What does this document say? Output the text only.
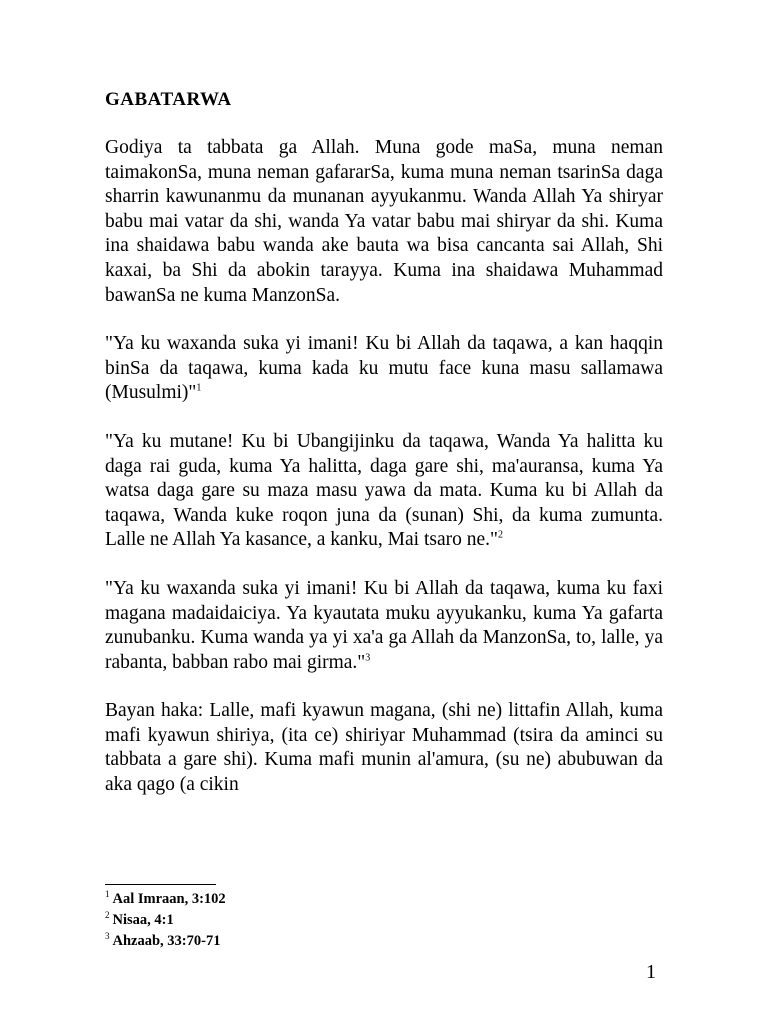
GABATARWA

Godiya ta tabbata ga Allah. Muna gode maSa, muna neman taimakonSa, muna neman gafararSa, kuma muna neman tsarinSa daga sharrin kawunanmu da munanan ayyukanmu. Wanda Allah Ya shiryar babu mai vatar da shi, wanda Ya vatar babu mai shiryar da shi. Kuma ina shaidawa babu wanda ake bauta wa bisa cancanta sai Allah, Shi kaxai, ba Shi da abokin tarayya. Kuma ina shaidawa Muhammad bawanSa ne kuma ManzonSa.

"Ya ku waxanda suka yi imani! Ku bi Allah da taqawa, a kan haqqin binSa da taqawa, kuma kada ku mutu face kuna masu sallamawa (Musulmi)"$^1$

"Ya ku mutane! Ku bi Ubangijinku da taqawa, Wanda Ya halitta ku daga rai guda, kuma Ya halitta, daga gare shi, ma'auransa, kuma Ya watsa daga gare su maza masu yawa da mata. Kuma ku bi Allah da taqawa, Wanda kuke roqon juna da (sunan) Shi, da kuma zumunta. Lalle ne Allah Ya kasance, a kanku, Mai tsaro ne."$^2$

"Ya ku waxanda suka yi imani! Ku bi Allah da taqawa, kuma ku faxi magana madaidaiciya. Ya kyautata muku ayyukanku, kuma Ya gafarta zunubanku. Kuma wanda ya yi xa'a ga Allah da ManzonSa, to, lalle, ya rabanta, babban rabo mai girma."$^3$

Bayan haka: Lalle, mafi kyawun magana, (shi ne) littafin Allah, kuma mafi kyawun shiriya, (ita ce) shiriyar Muhammad (tsira da aminci su tabbata a gare shi). Kuma mafi munin al'amura, (su ne) abubuwan da aka qago (a cikin

$^1$ Aal Imraan, 3:102
$^2$ Nisaa, 4:1
$^3$ Ahzaab, 33:70-71
1
